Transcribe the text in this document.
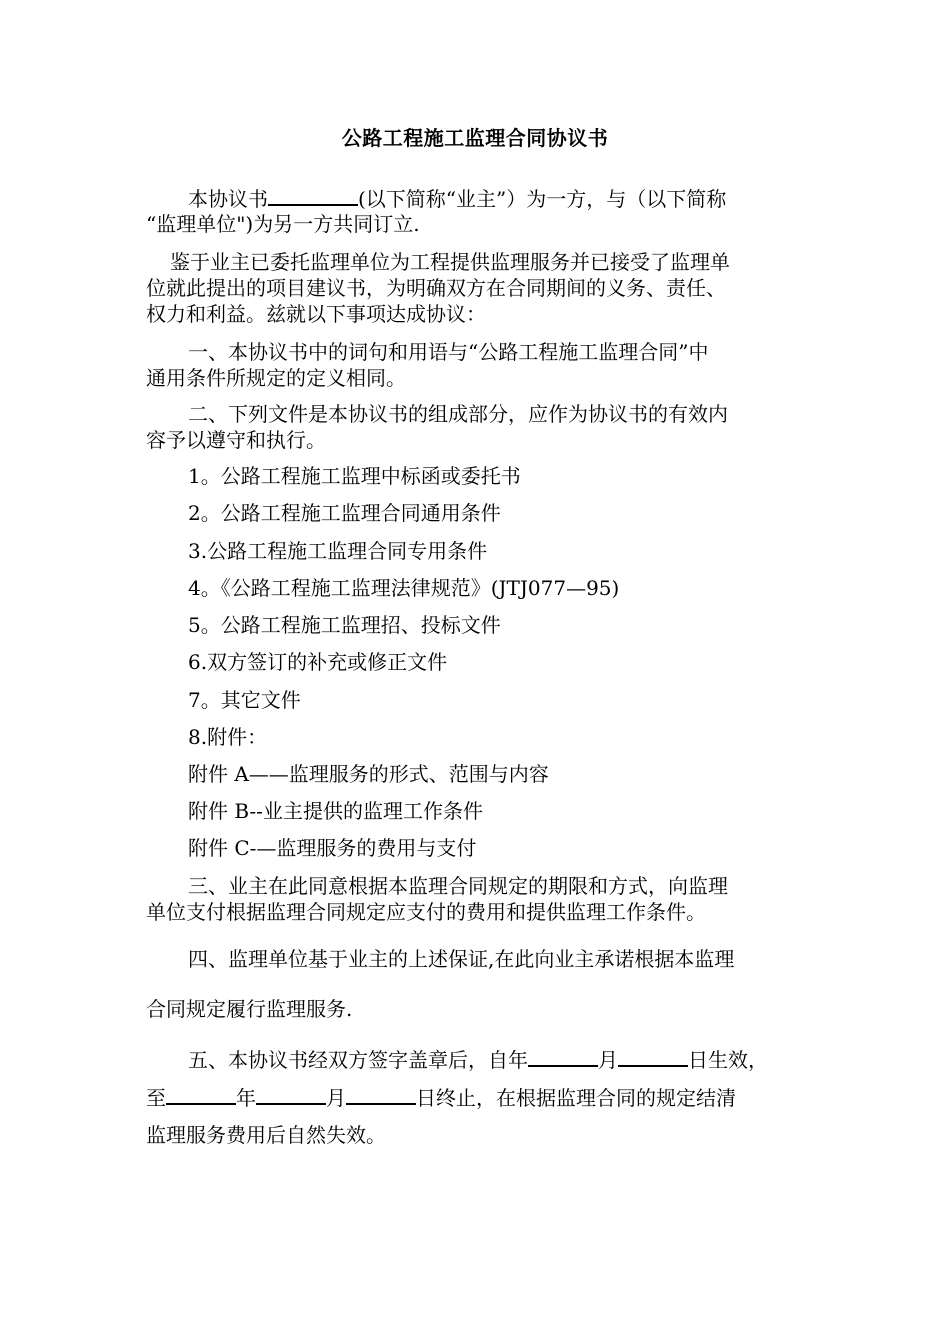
公路工程施工监理合同协议书
本协议书	(以下简称“业主”）为一方，与（以下简称
“监理单位")为另一方共同订立.
鉴于业主已委托监理单位为工程提供监理服务并已接受了监理单
位就此提出的项目建议书，为明确双方在合同期间的义务、责任、
权力和利益。兹就以下事项达成协议：
一、本协议书中的词句和用语与“公路工程施工监理合同”中
通用条件所规定的定义相同。
二、下列文件是本协议书的组成部分，应作为协议书的有效内
容予以遵守和执行。
1。公路工程施工监理中标函或委托书
2。公路工程施工监理合同通用条件
3.公路工程施工监理合同专用条件
4。《公路工程施工监理法律规范》(JTJ077—95)
5。公路工程施工监理招、投标文件
6.双方签订的补充或修正文件
7。其它文件
8.附件：
附件 A——监理服务的形式、范围与内容
附件 B--业主提供的监理工作条件
附件 C-—监理服务的费用与支付
三、业主在此同意根据本监理合同规定的期限和方式，向监理
单位支付根据监理合同规定应支付的费用和提供监理工作条件。
四、监理单位基于业主的上述保证,在此向业主承诺根据本监理
合同规定履行监理服务.
五、本协议书经双方签字盖章后，自年	月	日生效，
至	年	月	日终止，在根据监理合同的规定结清
监理服务费用后自然失效。
